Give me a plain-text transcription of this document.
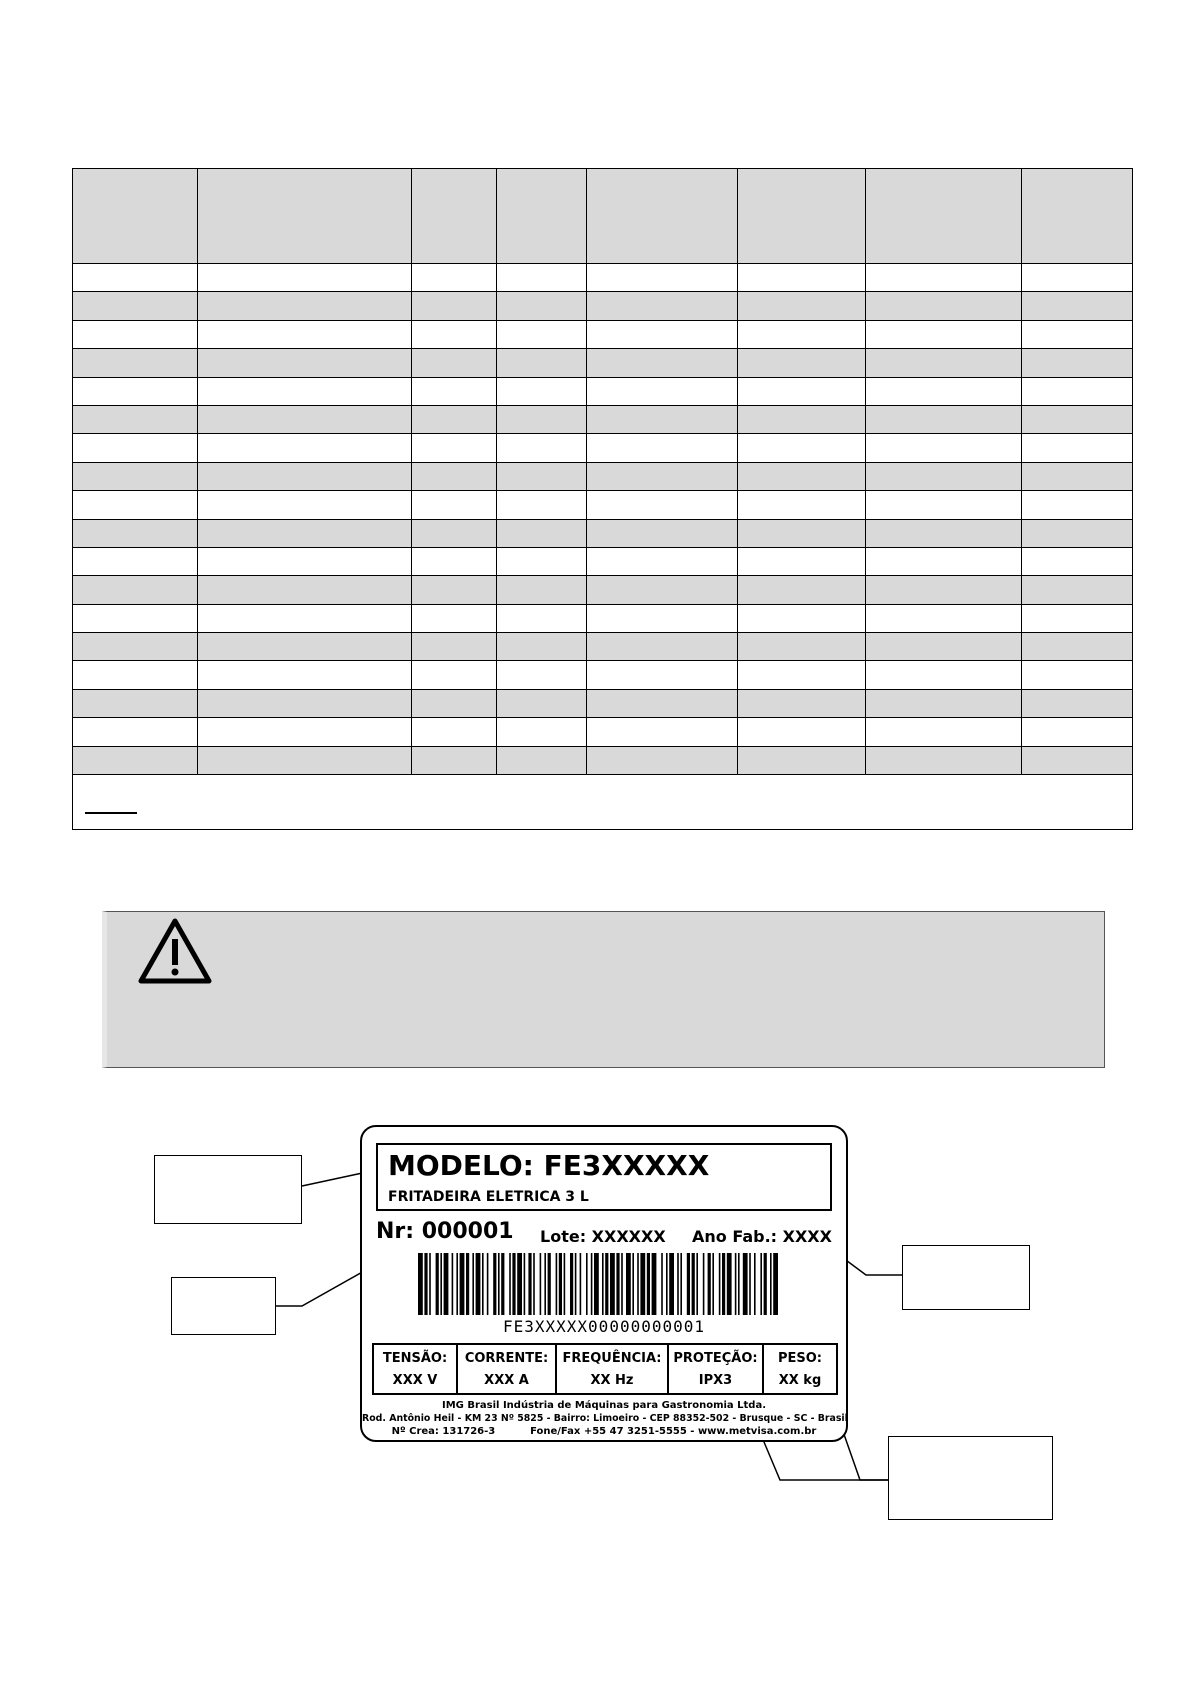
MODELO: FE3XXXXX
FRITADEIRA ELETRICA 3 L
Nr: 000001 Lote: XXXXXX Ano Fab.: XXXX
FE3XXXXX00000000001
TENSÃO:
XXX V
CORRENTE:
XXX A
FREQUÊNCIA:
XX Hz
PROTEÇÃO:
IPX3
PESO:
XX kg
IMG Brasil Indústria de Máquinas para Gastronomia Ltda.
Rod. Antônio Heil - KM 23 Nº 5825 - Bairro: Limoeiro - CEP 88352-502 - Brusque - SC - Brasil
Nº Crea: 131726-3          Fone/Fax +55 47 3251-5555 - www.metvisa.com.br
